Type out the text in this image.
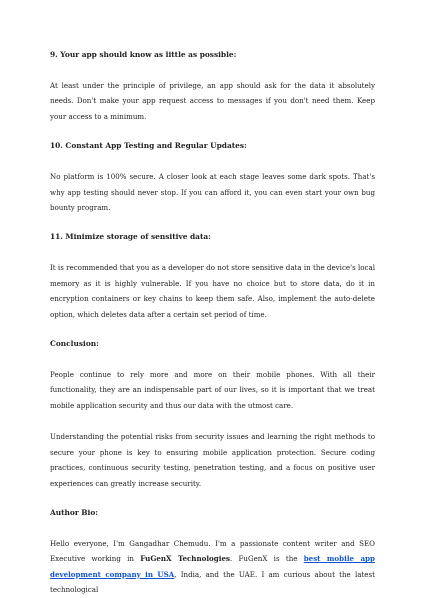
9. Your app should know as little as possible:

At least under the principle of privilege, an app should ask for the data it absolutely needs. Don't make your app request access to messages if you don't need them. Keep your access to a minimum.

10. Constant App Testing and Regular Updates:

No platform is 100% secure. A closer look at each stage leaves some dark spots. That's why app testing should never stop. If you can afford it, you can even start your own bug bounty program.

11. Minimize storage of sensitive data:

It is recommended that you as a developer do not store sensitive data in the device's local memory as it is highly vulnerable. If you have no choice but to store data, do it in encryption containers or key chains to keep them safe. Also, implement the auto-delete option, which deletes data after a certain set period of time.

Conclusion:

People continue to rely more and more on their mobile phones. With all their functionality, they are an indispensable part of our lives, so it is important that we treat mobile application security and thus our data with the utmost care.

Understanding the potential risks from security issues and learning the right methods to secure your phone is key to ensuring mobile application protection. Secure coding practices, continuous security testing, penetration testing, and a focus on positive user experiences can greatly increase security.

Author Bio:

Hello everyone, I'm Gangadhar Chemudu. I'm a passionate content writer and SEO Executive working in FuGenX Technologies. FuGenX is the best mobile app development company in USA, India, and the UAE. I am curious about the latest technological
